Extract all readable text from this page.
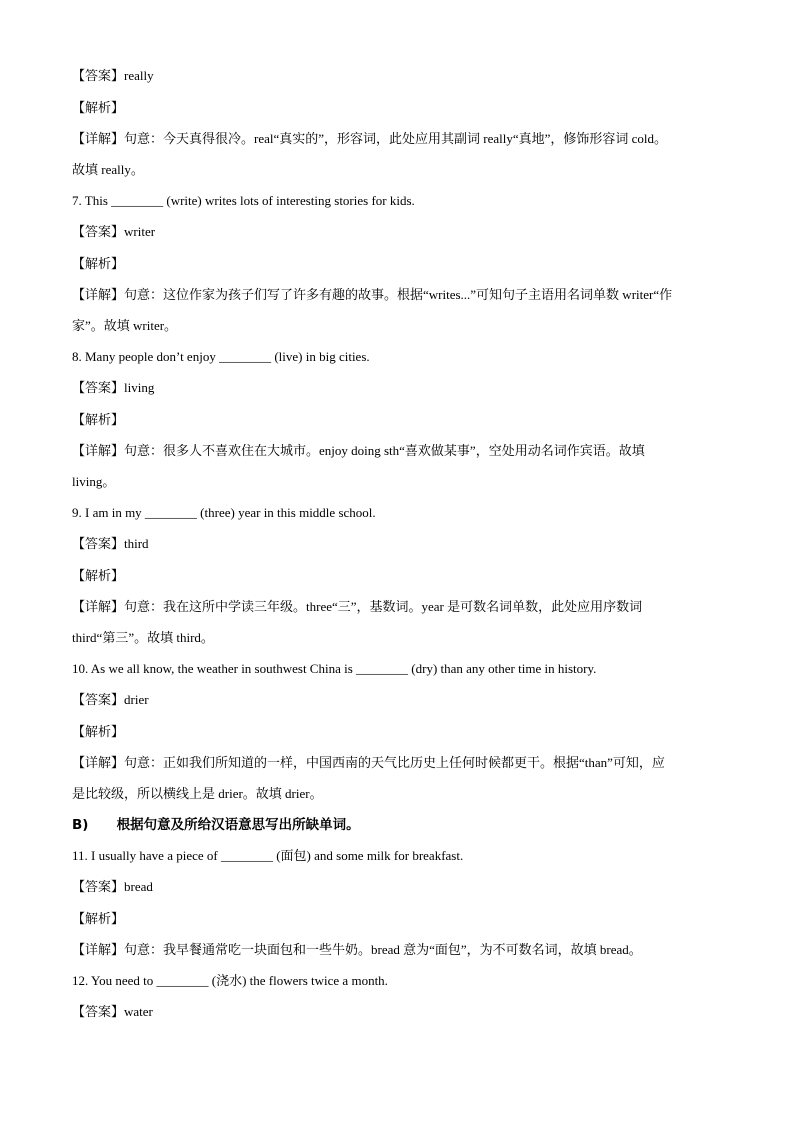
【答案】really
【解析】
【详解】句意：今天真得很冷。real“真实的”，形容词，此处应用其副词 really“真地”，修饰形容词 cold。
故填 really。
7. This ________ (write) writes lots of interesting stories for kids.
【答案】writer
【解析】
【详解】句意：这位作家为孩子们写了许多有趣的故事。根据“writes...”可知句子主语用名词单数 writer“作
家”。故填 writer。
8. Many people don’t enjoy ________ (live) in big cities.
【答案】living
【解析】
【详解】句意：很多人不喜欢住在大城市。enjoy doing sth“喜欢做某事”，空处用动名词作宾语。故填
living。
9. I am in my ________ (three) year in this middle school.
【答案】third
【解析】
【详解】句意：我在这所中学读三年级。three“三”，基数词。year 是可数名词单数，此处应用序数词
third“第三”。故填 third。
10. As we all know, the weather in southwest China is ________ (dry) than any other time in history.
【答案】drier
【解析】
【详解】句意：正如我们所知道的一样，中国西南的天气比历史上任何时候都更干。根据“than”可知，应
是比较级，所以横线上是 drier。故填 drier。
B)      根据句意及所给汉语意思写出所缺单词。
11. I usually have a piece of ________ (面包) and some milk for breakfast.
【答案】bread
【解析】
【详解】句意：我早餐通常吃一块面包和一些牛奶。bread 意为“面包”，为不可数名词，故填 bread。
12. You need to ________ (浇水) the flowers twice a month.
【答案】water
